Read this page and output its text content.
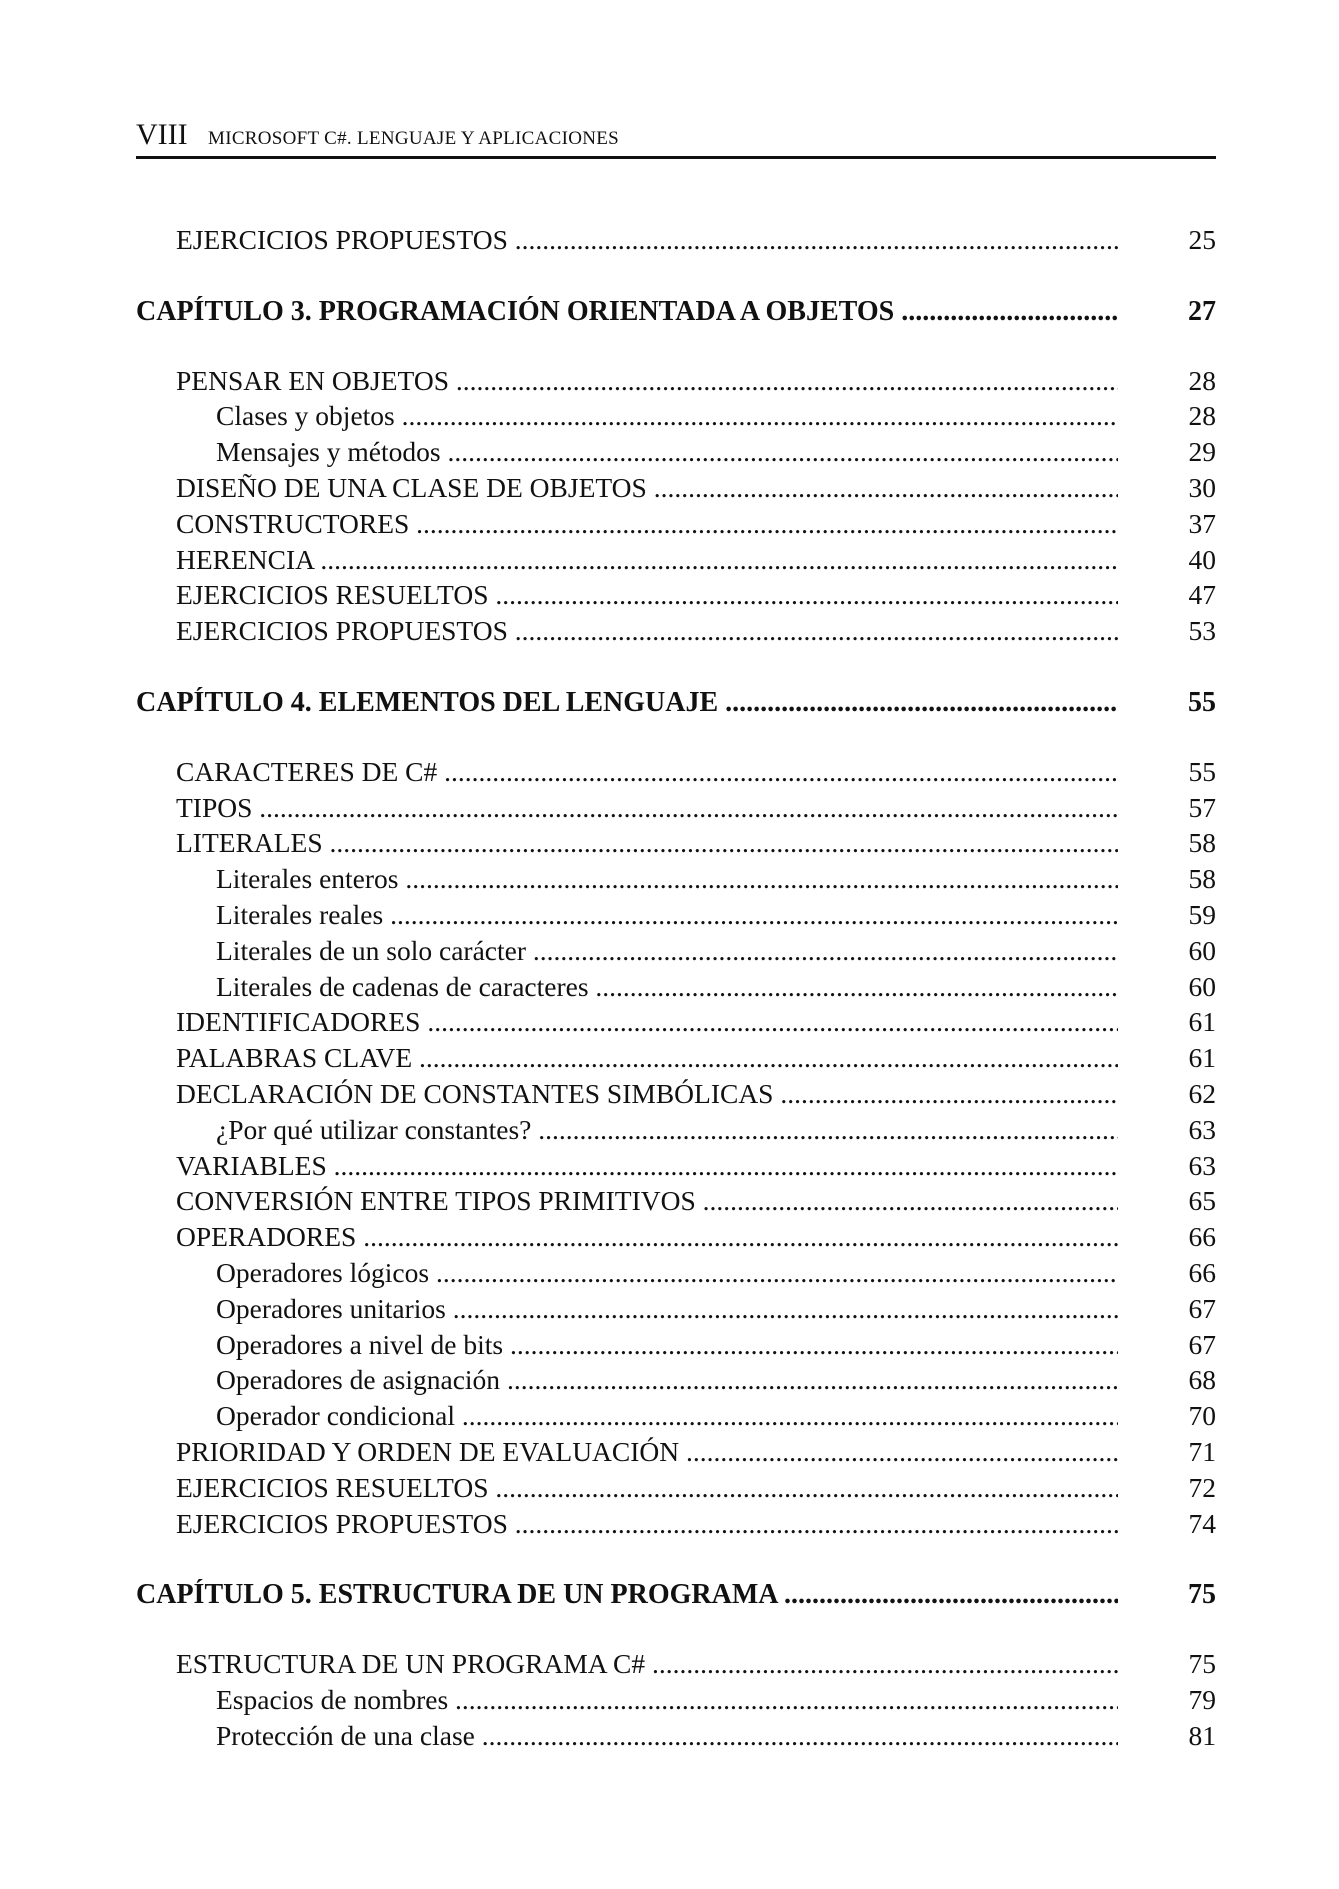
VIII MICROSOFT C#. LENGUAJE Y APLICACIONES
EJERCICIOS PROPUESTOS .....	25
CAPÍTULO 3. PROGRAMACIÓN ORIENTADA A OBJETOS .....	27
PENSAR EN OBJETOS .....	28
Clases y objetos .....	28
Mensajes y métodos .....	29
DISEÑO DE UNA CLASE DE OBJETOS .....	30
CONSTRUCTORES .....	37
HERENCIA .....	40
EJERCICIOS RESUELTOS .....	47
EJERCICIOS PROPUESTOS .....	53
CAPÍTULO 4. ELEMENTOS DEL LENGUAJE .....	55
CARACTERES DE C# .....	55
TIPOS .....	57
LITERALES .....	58
Literales enteros .....	58
Literales reales .....	59
Literales de un solo carácter .....	60
Literales de cadenas de caracteres .....	60
IDENTIFICADORES .....	61
PALABRAS CLAVE .....	61
DECLARACIÓN DE CONSTANTES SIMBÓLICAS .....	62
¿Por qué utilizar constantes? .....	63
VARIABLES .....	63
CONVERSIÓN ENTRE TIPOS PRIMITIVOS .....	65
OPERADORES .....	66
Operadores lógicos .....	66
Operadores unitarios .....	67
Operadores a nivel de bits .....	67
Operadores de asignación .....	68
Operador condicional .....	70
PRIORIDAD Y ORDEN DE EVALUACIÓN .....	71
EJERCICIOS RESUELTOS .....	72
EJERCICIOS PROPUESTOS .....	74
CAPÍTULO 5. ESTRUCTURA DE UN PROGRAMA .....	75
ESTRUCTURA DE UN PROGRAMA C# .....	75
Espacios de nombres .....	79
Protección de una clase .....	81
